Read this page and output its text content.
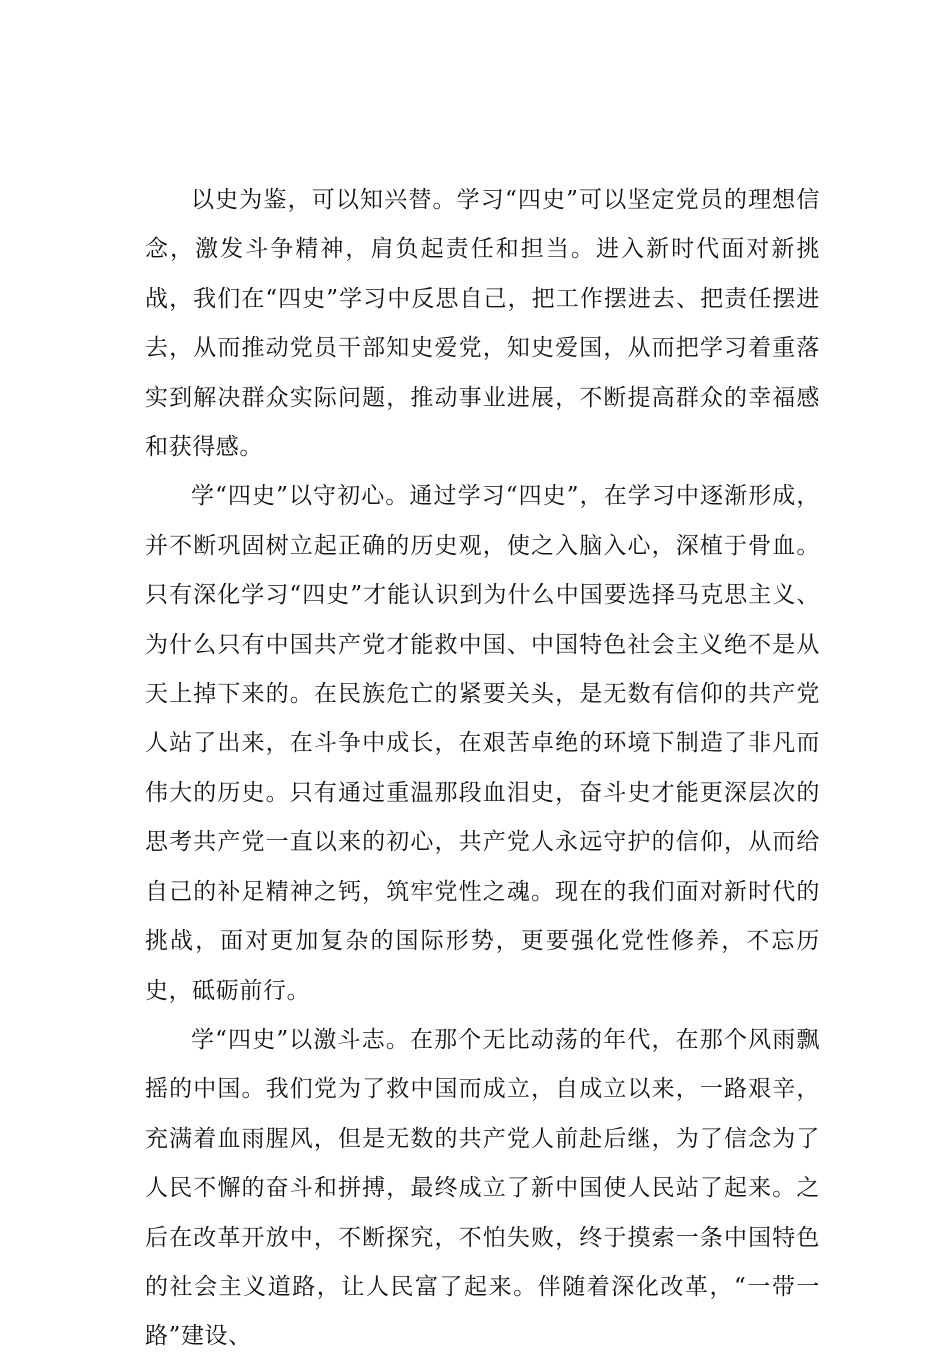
以史为鉴，可以知兴替。学习“四史”可以坚定党员的理想信念，激发斗争精神，肩负起责任和担当。进入新时代面对新挑战，我们在“四史”学习中反思自己，把工作摆进去、把责任摆进去，从而推动党员干部知史爱党，知史爱国，从而把学习着重落实到解决群众实际问题，推动事业进展，不断提高群众的幸福感和获得感。

学“四史”以守初心。通过学习“四史”，在学习中逐渐形成，并不断巩固树立起正确的历史观，使之入脑入心，深植于骨血。只有深化学习“四史”才能认识到为什么中国要选择马克思主义、为什么只有中国共产党才能救中国、中国特色社会主义绝不是从天上掉下来的。在民族危亡的紧要关头，是无数有信仰的共产党人站了出来，在斗争中成长，在艰苦卓绝的环境下制造了非凡而伟大的历史。只有通过重温那段血泪史，奋斗史才能更深层次的思考共产党一直以来的初心，共产党人永远守护的信仰，从而给自己的补足精神之钙，筑牢党性之魂。现在的我们面对新时代的挑战，面对更加复杂的国际形势，更要强化党性修养，不忘历史，砥砺前行。

学“四史”以激斗志。在那个无比动荡的年代，在那个风雨飘摇的中国。我们党为了救中国而成立，自成立以来，一路艰辛，充满着血雨腥风，但是无数的共产党人前赴后继，为了信念为了人民不懈的奋斗和拼搏，最终成立了新中国使人民站了起来。之后在改革开放中，不断探究，不怕失败，终于摸索一条中国特色的社会主义道路，让人民富了起来。伴随着深化改革，“一带一路”建设、
